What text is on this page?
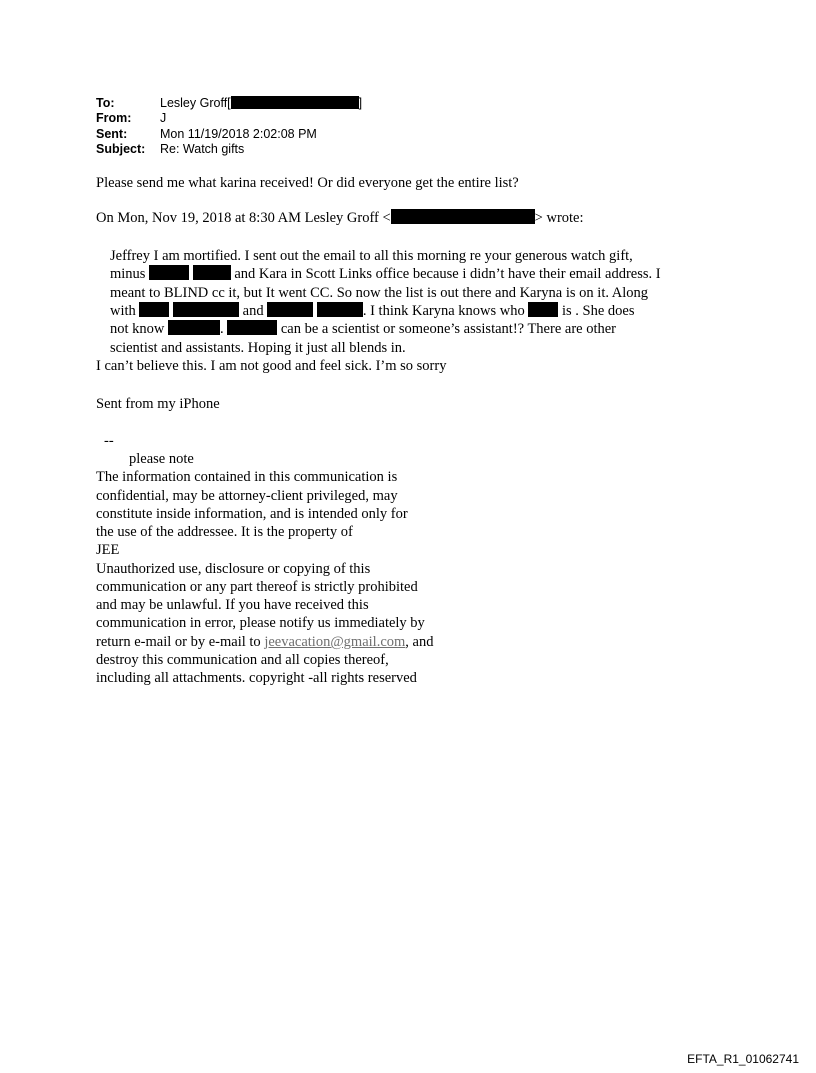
To:	Lesley Groff[	]
From: J
Sent:	Mon 11/19/2018 2:02:08 PM
Subject: Re: Watch gifts
Please send me what karina received! Or did everyone get the entire list?
On Mon, Nov 19, 2018 at 8:30 AM Lesley Groff <	> wrote:
Jeffrey I am mortified. I sent out the email to all this morning re your generous watch gift,
minus	and Kara in Scott Links office because i didn’t have their email address. I
meant to BLIND cc it, but It went CC. So now the list is out there and Karyna is on it. Along
with	and	. I think Karyna knows who	is . She does
not know	.	can be a scientist or someone’s assistant!? There are other
scientist and assistants. Hoping it just all blends in.
I can’t believe this. I am not good and feel sick. I’m so sorry
Sent from my iPhone
--
please note
The information contained in this communication is
confidential, may be attorney-client privileged, may
constitute inside information, and is intended only for
the use of the addressee. It is the property of
JEE
Unauthorized use, disclosure or copying of this
communication or any part thereof is strictly prohibited
and may be unlawful. If you have received this
communication in error, please notify us immediately by
return e-mail or by e-mail to jeevacation@gmail.com, and
destroy this communication and all copies thereof,
including all attachments. copyright -all rights reserved
EFTA_R1_01062741
